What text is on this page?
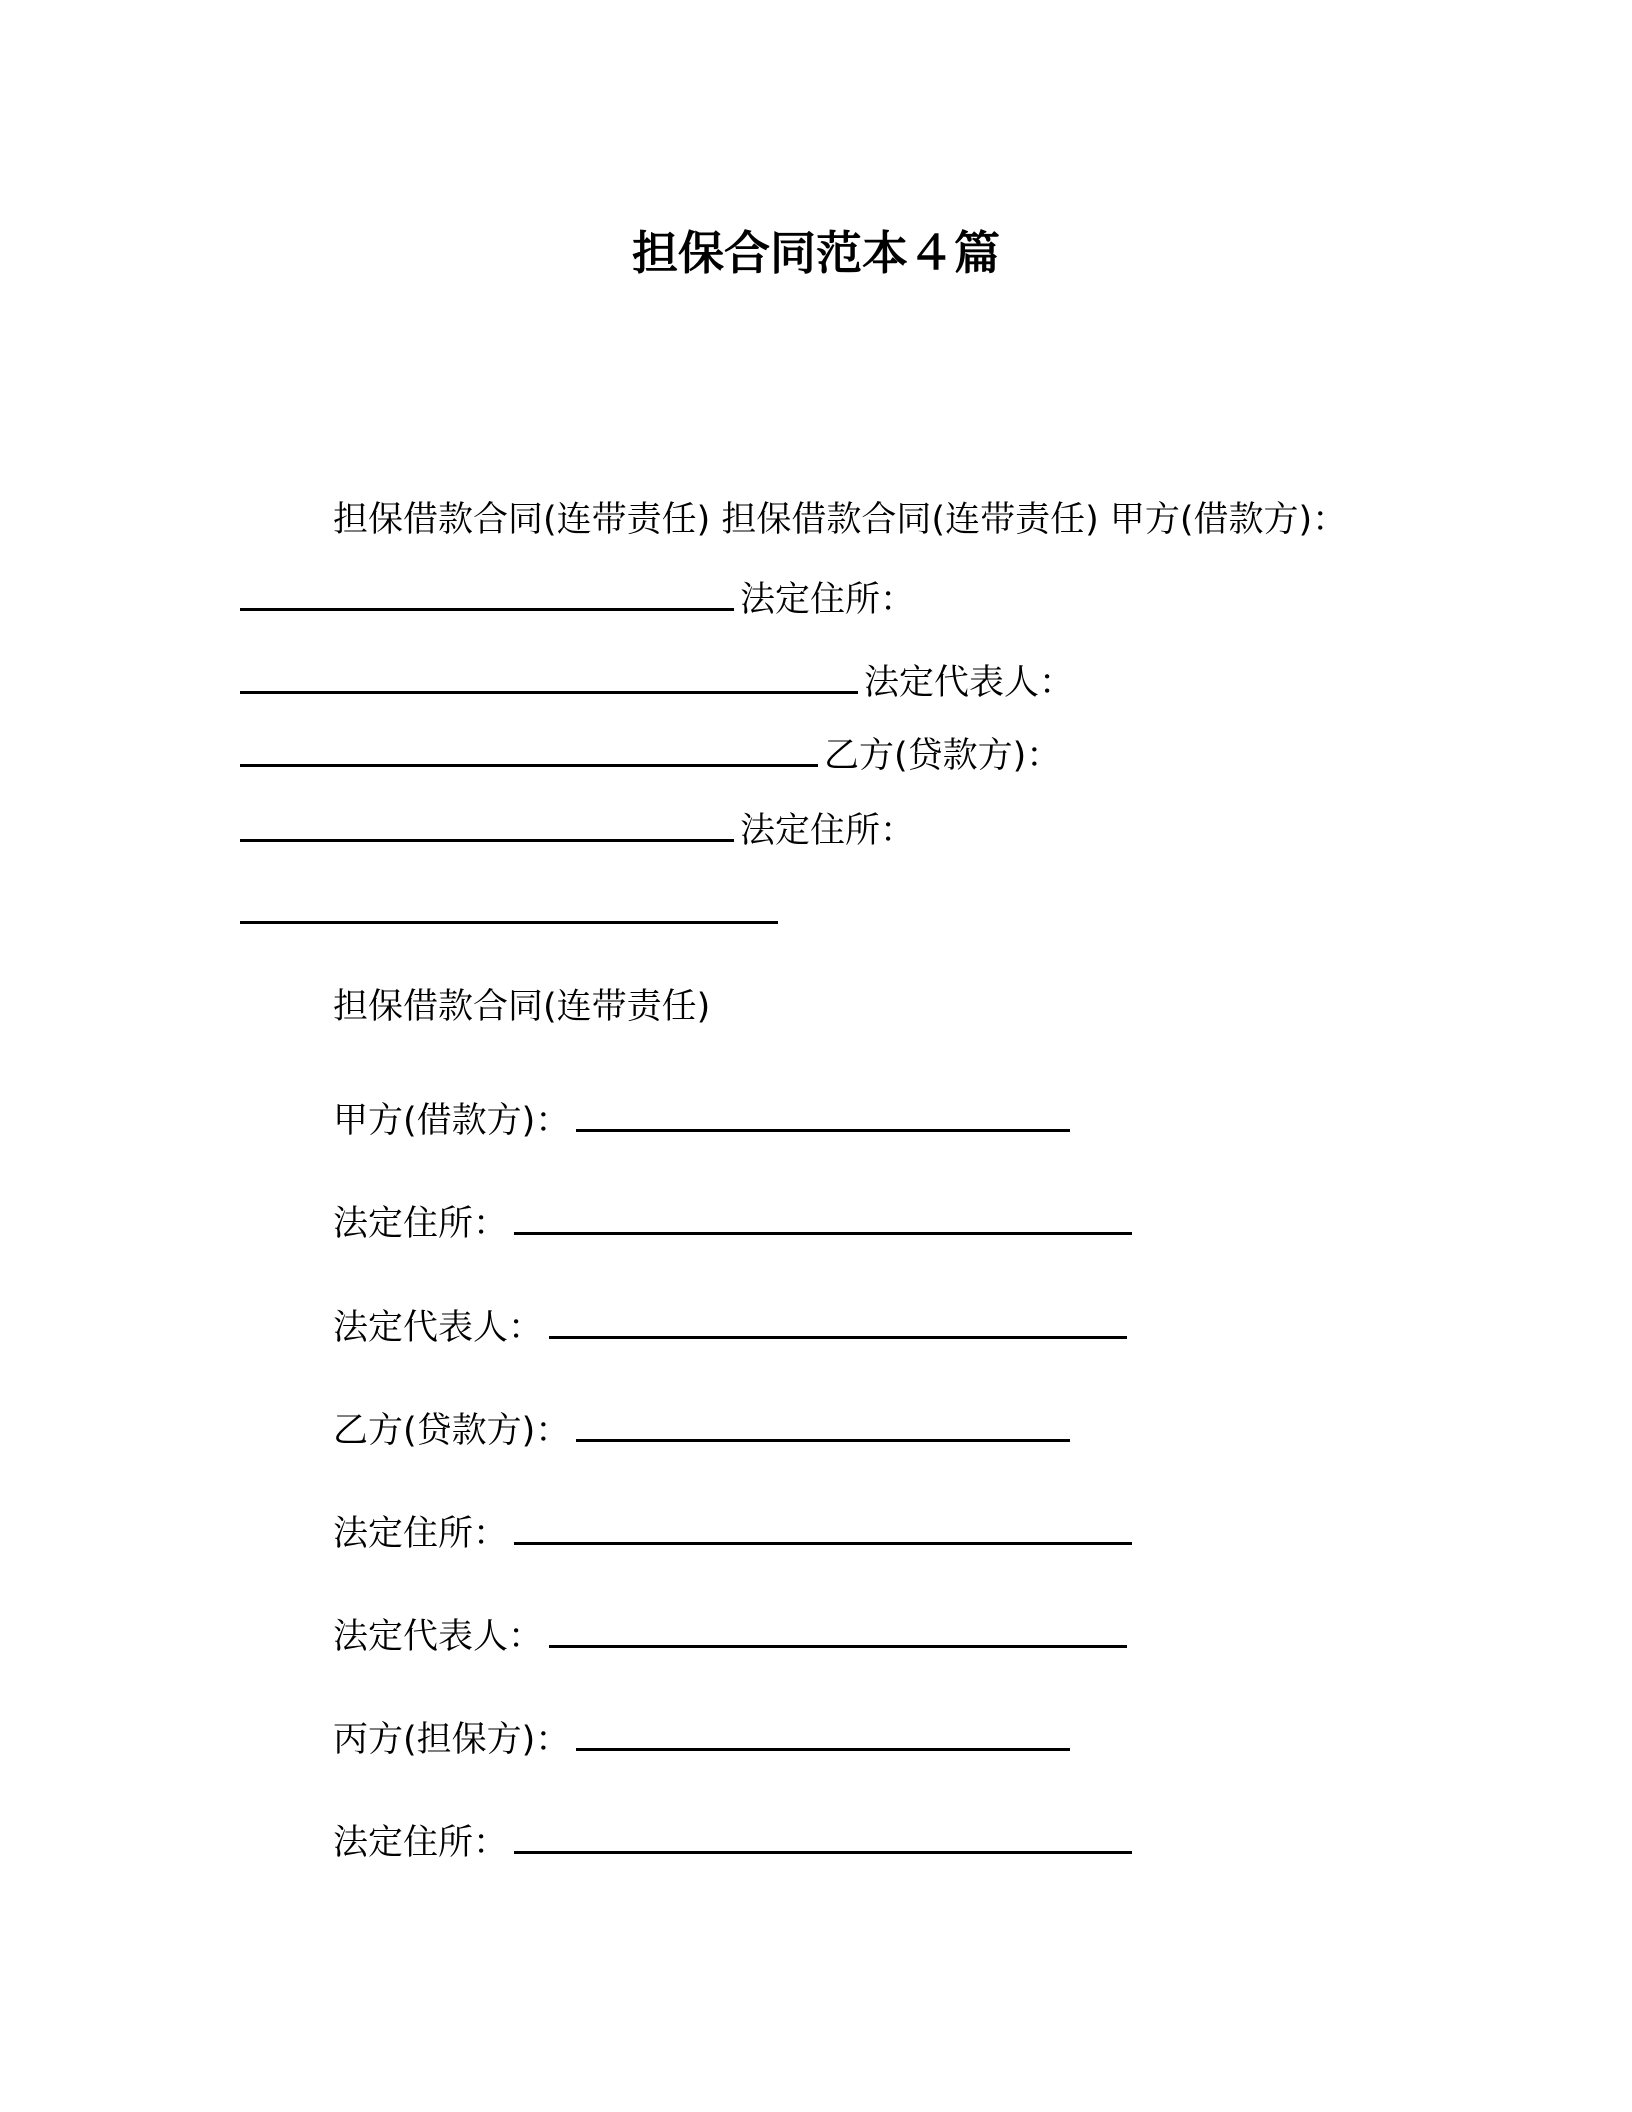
担保合同范本４篇
担保借款合同(连带责任) 担保借款合同(连带责任) 甲方(借款方)：
法定住所：
法定代表人：
乙方(贷款方)：
法定住所：
担保借款合同(连带责任)
甲方(借款方)：
法定住所：
法定代表人：
乙方(贷款方)：
法定住所：
法定代表人：
丙方(担保方)：
法定住所：
